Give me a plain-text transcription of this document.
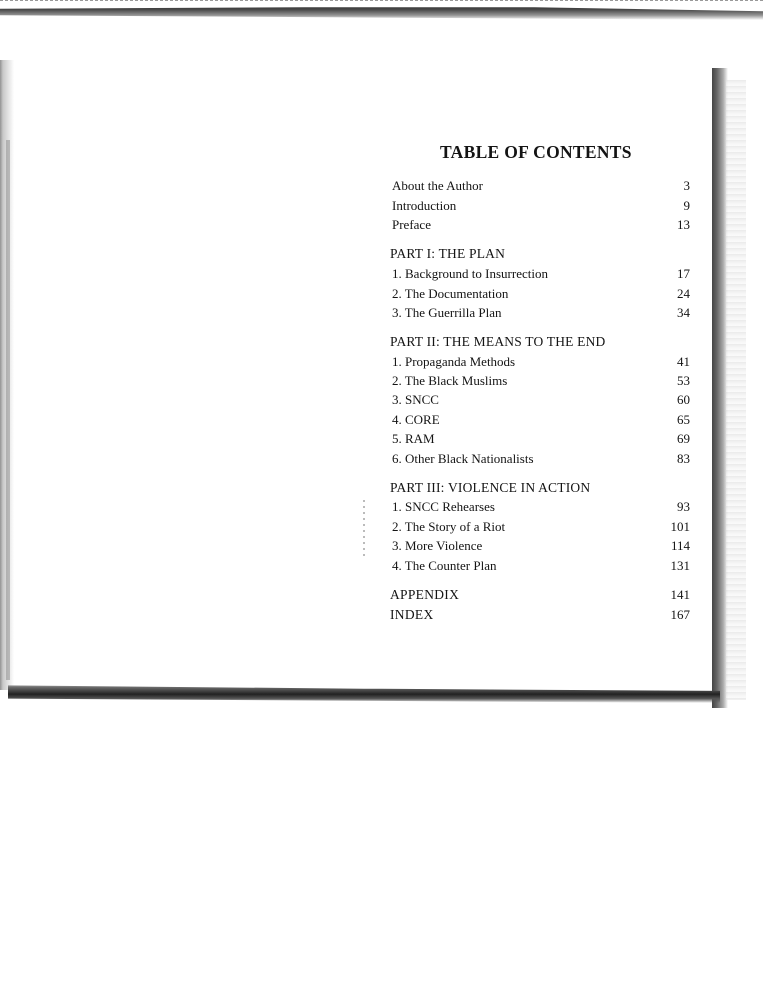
TABLE OF CONTENTS
About the Author	3
Introduction	9
Preface	13
PART I: THE PLAN
1. Background to Insurrection	17
2. The Documentation	24
3. The Guerrilla Plan	34
PART II: THE MEANS TO THE END
1. Propaganda Methods	41
2. The Black Muslims	53
3. SNCC	60
4. CORE	65
5. RAM	69
6. Other Black Nationalists	83
PART III: VIOLENCE IN ACTION
1. SNCC Rehearses	93
2. The Story of a Riot	101
3. More Violence	114
4. The Counter Plan	131
APPENDIX	141
INDEX	167
